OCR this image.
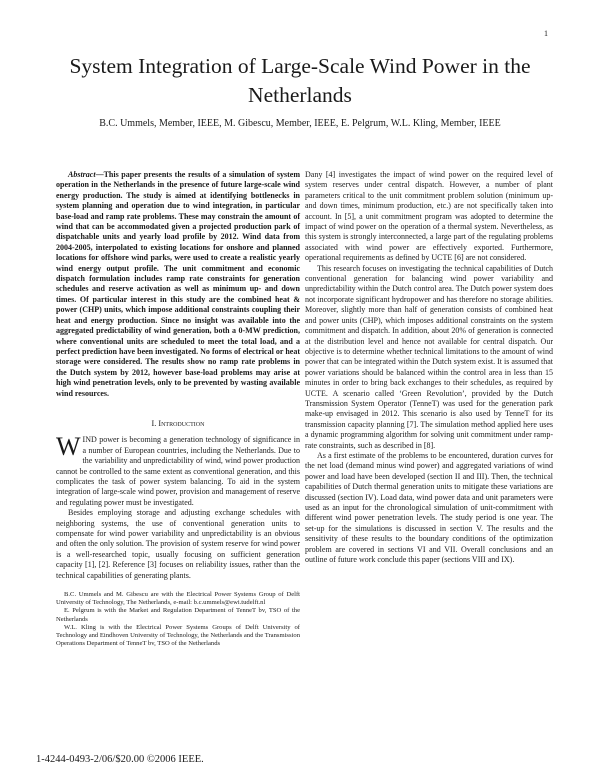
1
System Integration of Large-Scale Wind Power in the Netherlands
B.C. Ummels, Member, IEEE, M. Gibescu, Member, IEEE, E. Pelgrum, W.L. Kling, Member, IEEE

Abstract—This paper presents the results of a simulation of system operation in the Netherlands in the presence of future large-scale wind energy production. The study is aimed at identifying bottlenecks in system planning and operation due to wind integration, in particular base-load and ramp rate problems. These may constrain the amount of wind that can be accommodated given a projected production park of dispatchable units and yearly load profile by 2012. Wind data from 2004-2005, interpolated to existing locations for onshore and planned locations for offshore wind parks, were used to create a realistic yearly wind energy output profile. The unit commitment and economic dispatch formulation includes ramp rate constraints for generation schedules and reserve activation as well as minimum up- and down times. Of particular interest in this study are the combined heat & power (CHP) units, which impose additional constraints coupling their heat and energy production. Since no insight was available into the aggregated predictability of wind generation, both a 0-MW prediction, where conventional units are scheduled to meet the total load, and a perfect prediction have been investigated. No forms of electrical or heat storage were considered. The results show no ramp rate problems in the Dutch system by 2012, however base-load problems may arise at high wind penetration levels, only to be prevented by wasting available wind resources.

I. Introduction

WIND power is becoming a generation technology of significance in a number of European countries, including the Netherlands. Due to the variability and unpredictability of wind, wind power production cannot be controlled to the same extent as conventional generation, and this complicates the task of power system balancing. To aid in the system integration of large-scale wind power, provision and management of reserve and regulating power must be investigated.

Besides employing storage and adjusting exchange schedules with neighboring systems, the use of conventional generation units to compensate for wind power variability and unpredictability is an obvious and often the only solution. The provision of system reserve for wind power is a well-researched topic, usually focusing on sufficient generation capacity [1], [2]. Reference [3] focuses on reliability issues, rather than the technical capabilities of generating plants.

B.C. Ummels and M. Gibescu are with the Electrical Power Systems Group of Delft University of Technology, The Netherlands, e-mail: b.c.ummels@ewi.tudelft.nl

E. Pelgrum is with the Market and Regulation Department of TenneT bv, TSO of the Netherlands

W.L. Kling is with the Electrical Power Systems Groups of Delft University of Technology and Eindhoven University of Technology, the Netherlands and the Transmission Operations Department of TenneT bv, TSO of the Netherlands

Dany [4] investigates the impact of wind power on the required level of system reserves under central dispatch. However, a number of plant parameters critical to the unit commitment problem solution (minimum up- and down times, minimum production, etc.) are not specifically taken into account. In [5], a unit commitment program was adopted to determine the impact of wind power on the operation of a thermal system. Nevertheless, as this system is strongly interconnected, a large part of the regulating problems associated with wind power are effectively exported. Furthermore, operational requirements as defined by UCTE [6] are not considered.

This research focuses on investigating the technical capabilities of Dutch conventional generation for balancing wind power variability and unpredictability within the Dutch control area. The Dutch power system does not incorporate significant hydropower and has therefore no storage abilities. Moreover, slightly more than half of generation consists of combined heat and power units (CHP), which imposes additional constraints on the system commitment and dispatch. In addition, about 20% of generation is connected at the distribution level and hence not available for central dispatch. Our objective is to determine whether technical limitations to the amount of wind power that can be integrated within the Dutch system exist. It is assumed that power variations should be balanced within the control area in less than 15 minutes in order to bring back exchanges to their schedules, as required by UCTE. A scenario called ‘Green Revolution’, provided by the Dutch Transmission System Operator (TenneT) was used for the generation park make-up envisaged in 2012. This scenario is also used by TenneT for its transmission capacity planning [7]. The simulation method applied here uses a dynamic programming algorithm for solving unit commitment under ramp-rate constraints, such as described in [8].

As a first estimate of the problems to be encountered, duration curves for the net load (demand minus wind power) and aggregated variations of wind power and load have been developed (section II and III). Then, the technical capabilities of Dutch thermal generation units to mitigate these variations are discussed (section IV). Load data, wind power data and unit parameters were used as an input for the chronological simulation of unit-commitment with different wind power penetration levels. The study period is one year. The set-up for the simulations is discussed in section V. The results and the sensitivity of these results to the boundary conditions of the optimization problem are covered in sections VI and VII. Overall conclusions and an outline of future work conclude this paper (sections VIII and IX).

1-4244-0493-2/06/$20.00 ©2006 IEEE.
